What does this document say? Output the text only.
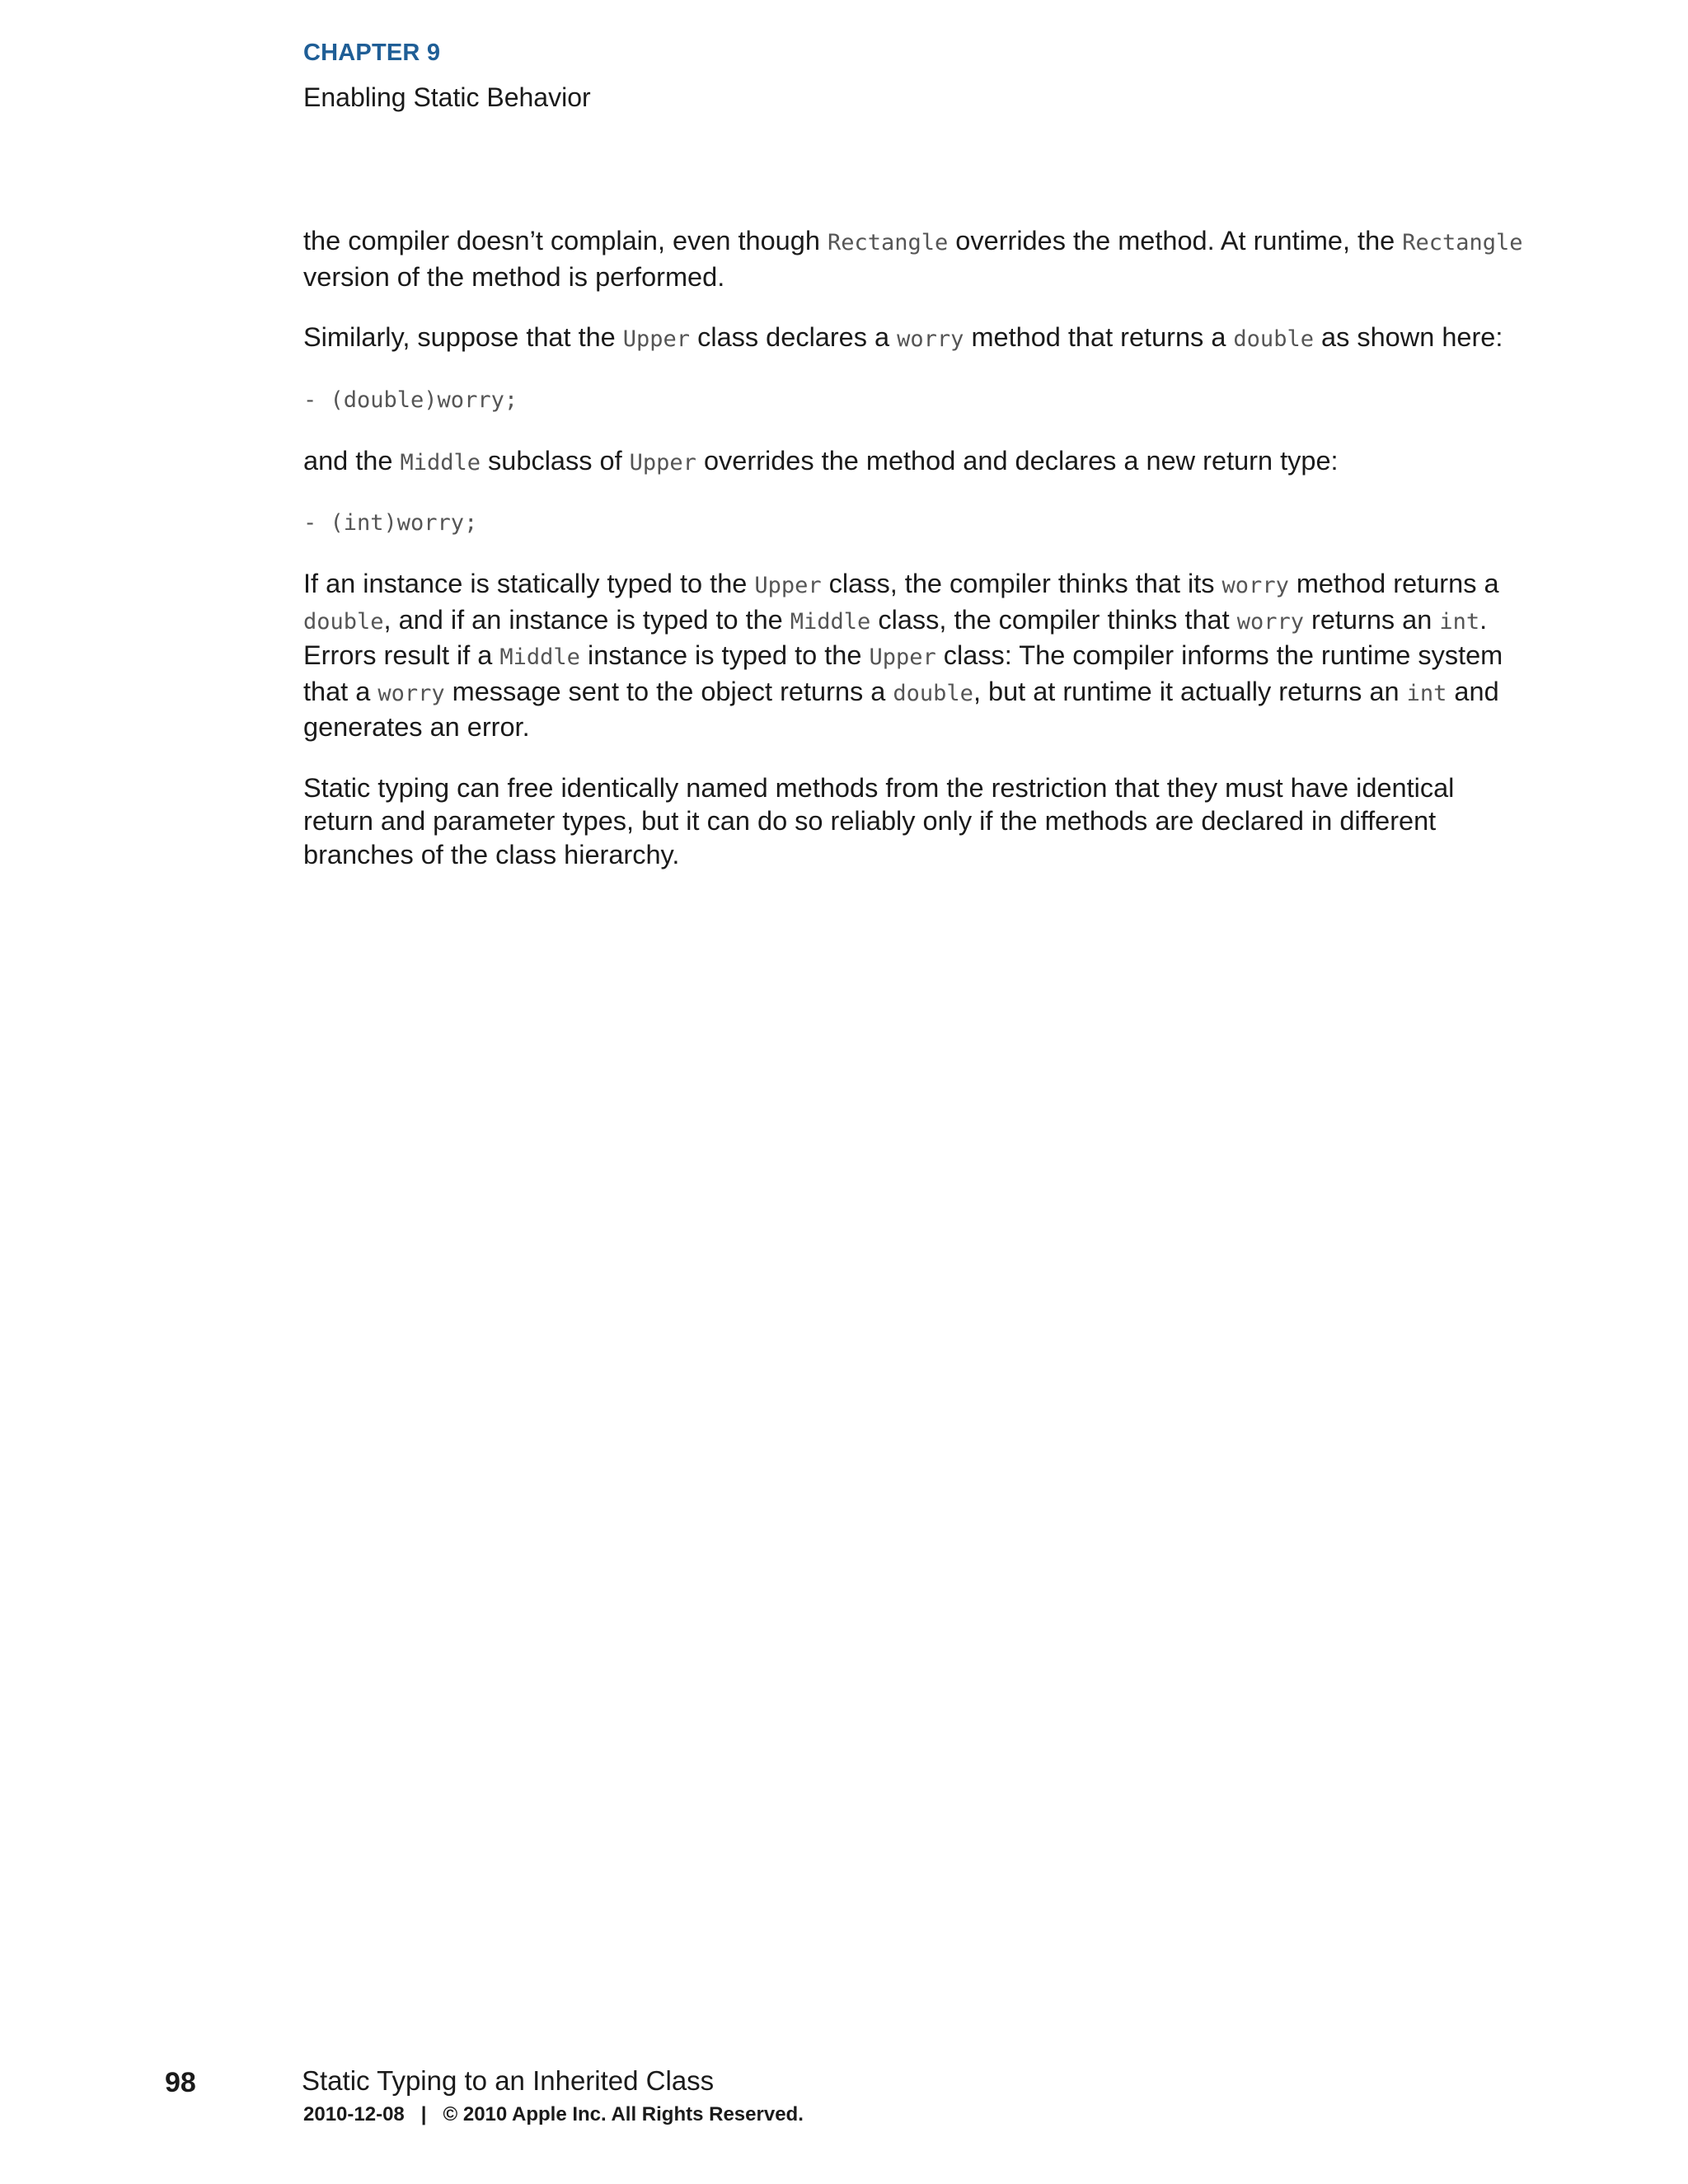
CHAPTER 9
Enabling Static Behavior

the compiler doesn’t complain, even though Rectangle overrides the method. At runtime, the Rectangle version of the method is performed.

Similarly, suppose that the Upper class declares a worry method that returns a double as shown here:

- (double)worry;

and the Middle subclass of Upper overrides the method and declares a new return type:

- (int)worry;

If an instance is statically typed to the Upper class, the compiler thinks that its worry method returns a double, and if an instance is typed to the Middle class, the compiler thinks that worry returns an int. Errors result if a Middle instance is typed to the Upper class: The compiler informs the runtime system that a worry message sent to the object returns a double, but at runtime it actually returns an int and generates an error.

Static typing can free identically named methods from the restriction that they must have identical return and parameter types, but it can do so reliably only if the methods are declared in different branches of the class hierarchy.

98	Static Typing to an Inherited Class
2010-12-08   |   © 2010 Apple Inc. All Rights Reserved.
